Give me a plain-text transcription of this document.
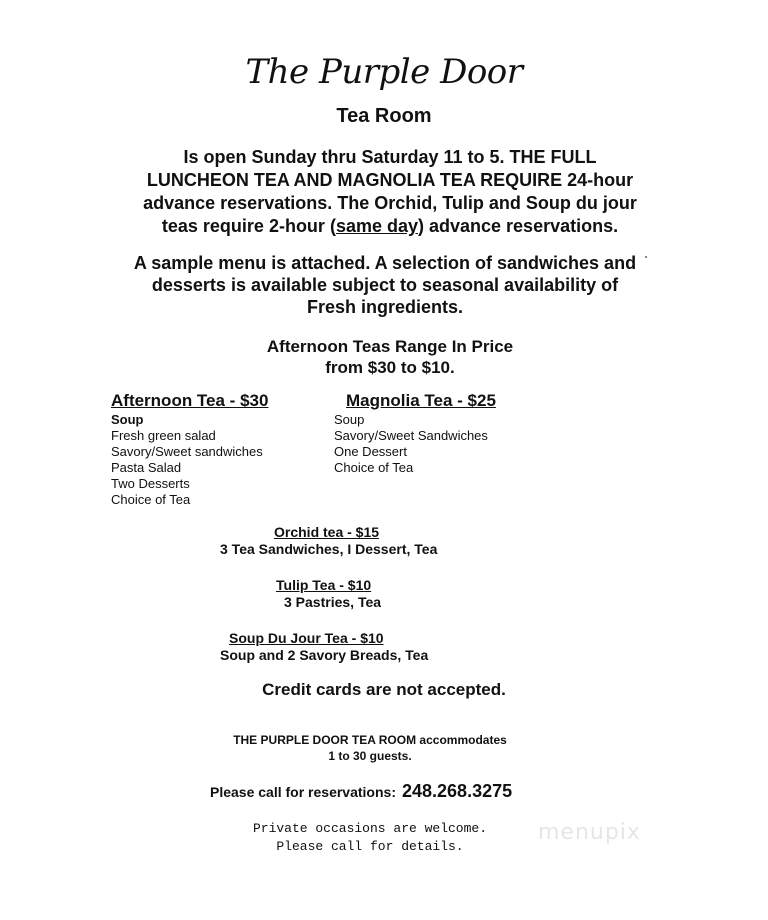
The Purple Door
Tea Room
Is open Sunday thru Saturday 11 to 5. THE FULL
LUNCHEON TEA AND MAGNOLIA TEA REQUIRE 24-hour
advance reservations. The Orchid, Tulip and Soup du jour
teas require 2-hour (same day) advance reservations.
A sample menu is attached. A selection of sandwiches and
desserts is available subject to seasonal availability of
Fresh ingredients.
Afternoon Teas Range In Price
from $30 to $10.
Afternoon Tea - $30
Soup
Fresh green salad
Savory/Sweet sandwiches
Pasta Salad
Two Desserts
Choice of Tea
Magnolia Tea - $25
Soup
Savory/Sweet Sandwiches
One Dessert
Choice of Tea
Orchid tea - $15
3 Tea Sandwiches, I Dessert, Tea
Tulip Tea - $10
3 Pastries, Tea
Soup Du Jour Tea - $10
Soup and 2 Savory Breads, Tea
Credit cards are not accepted.
THE PURPLE DOOR TEA ROOM accommodates
1 to 30 guests.
Please call for reservations: 248.268.3275
Private occasions are welcome.
Please call for details.
menupix
